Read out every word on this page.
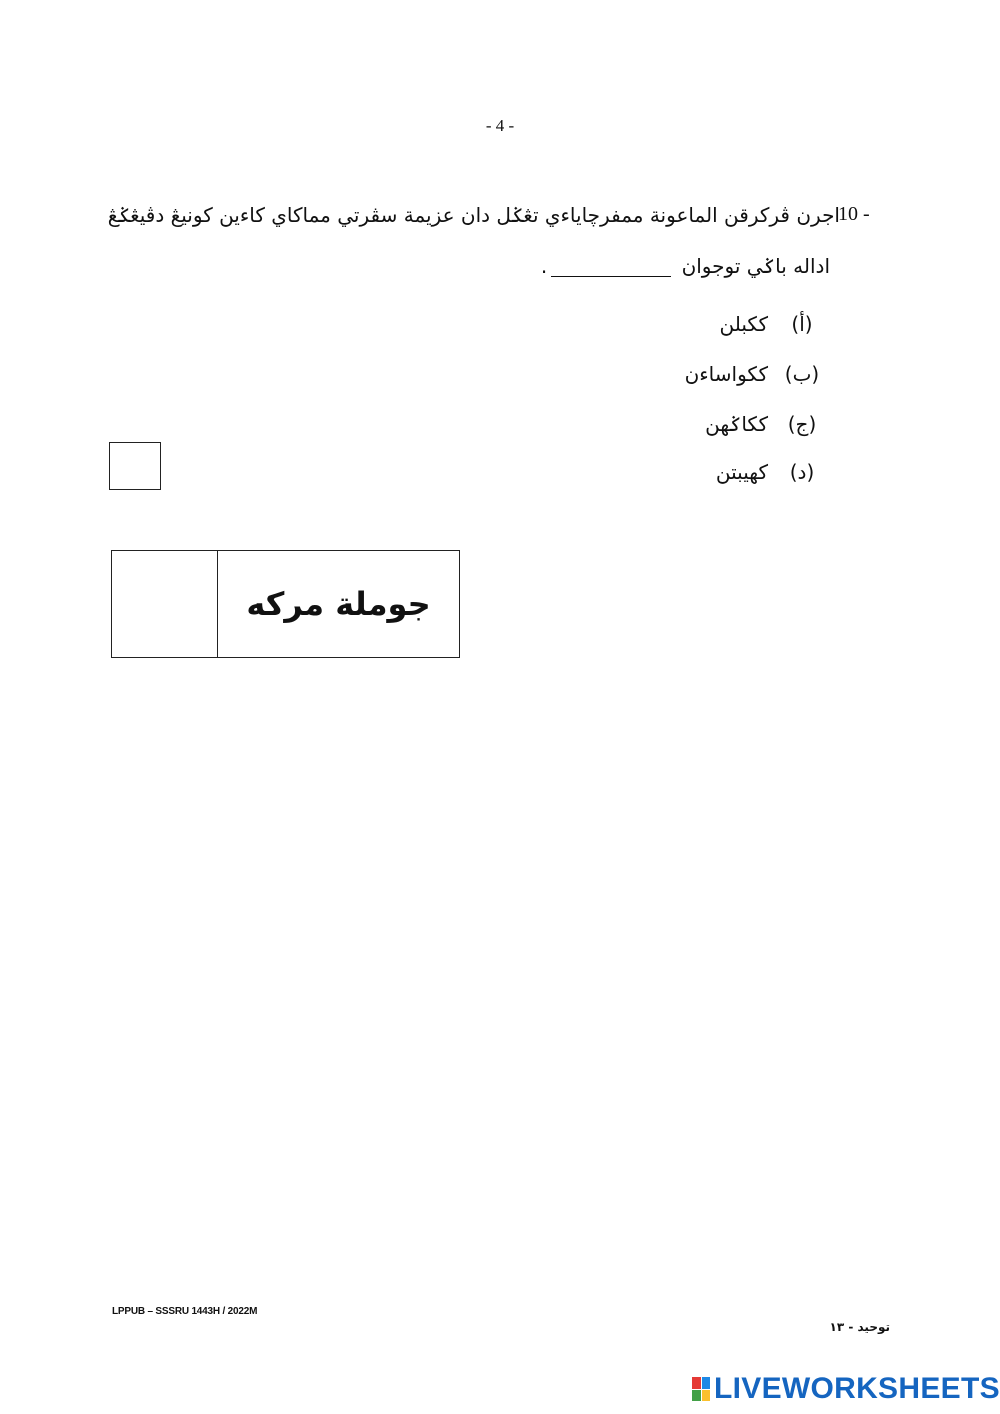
- 4 -
10 -
اجرن ڤرکرقن الماعونة ممفرچاياءي تڠݢل دان عزيمة سڤرتي مماکاي کاءين کونيڠ دڤيڠݢڠ
اداله باݢي توجوان .
(أ)ککبلن
(ب)ککواساءن
(ج)ککاݢهن
(د)کهيبتن
جوملة مرکه
LPPUB – SSSRU 1443H / 2022M
توحيد - ١٣
LIVEWORKSHEETS
